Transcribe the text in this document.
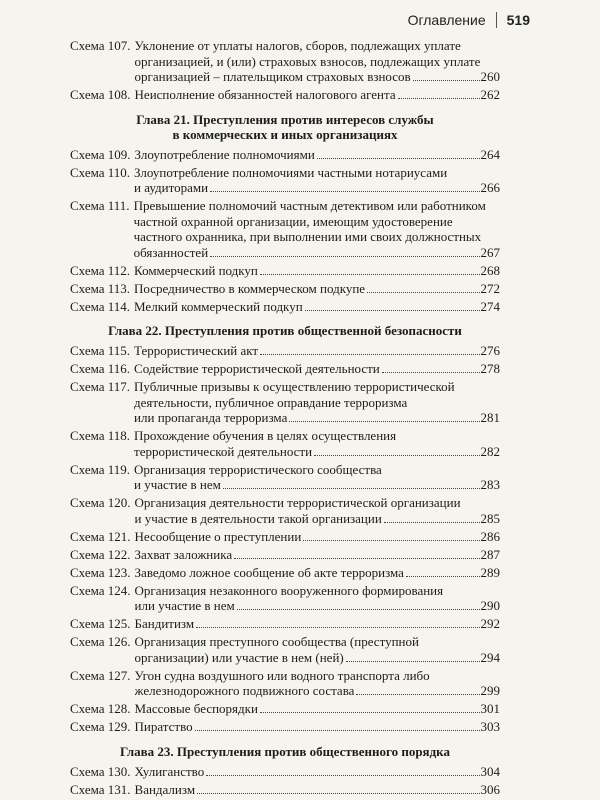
Оглавление 519
Схема 107. Уклонение от уплаты налогов, сборов, подлежащих уплате
организацией, и (или) страховых взносов, подлежащих уплате
организацией – плательщиком страховых взносов	260
Схема 108. Неисполнение обязанностей налогового агента	262
Глава 21. Преступления против интересов службы
в коммерческих и иных организациях
Схема 109. Злоупотребление полномочиями	264
Схема 110. Злоупотребление полномочиями частными нотариусами
и аудиторами	266
Схема 111. Превышение полномочий частным детективом или работником
частной охранной организации, имеющим удостоверение
частного охранника, при выполнении ими своих должностных
обязанностей	267
Схема 112. Коммерческий подкуп	268
Схема 113. Посредничество в коммерческом подкупе	272
Схема 114. Мелкий коммерческий подкуп	274
Глава 22. Преступления против общественной безопасности
Схема 115. Террористический акт	276
Схема 116. Содействие террористической деятельности	278
Схема 117. Публичные призывы к осуществлению террористической
деятельности, публичное оправдание терроризма
или пропаганда терроризма	281
Схема 118. Прохождение обучения в целях осуществления
террористической деятельности	282
Схема 119. Организация террористического сообщества
и участие в нем	283
Схема 120. Организация деятельности террористической организации
и участие в деятельности такой организации	285
Схема 121. Несообщение о преступлении	286
Схема 122. Захват заложника	287
Схема 123. Заведомо ложное сообщение об акте терроризма	289
Схема 124. Организация незаконного вооруженного формирования
или участие в нем	290
Схема 125. Бандитизм	292
Схема 126. Организация преступного сообщества (преступной
организации) или участие в нем (ней)	294
Схема 127. Угон судна воздушного или водного транспорта либо
железнодорожного подвижного состава	299
Схема 128. Массовые беспорядки	301
Схема 129. Пиратство	303
Глава 23. Преступления против общественного порядка
Схема 130. Хулиганство	304
Схема 131. Вандализм	306
